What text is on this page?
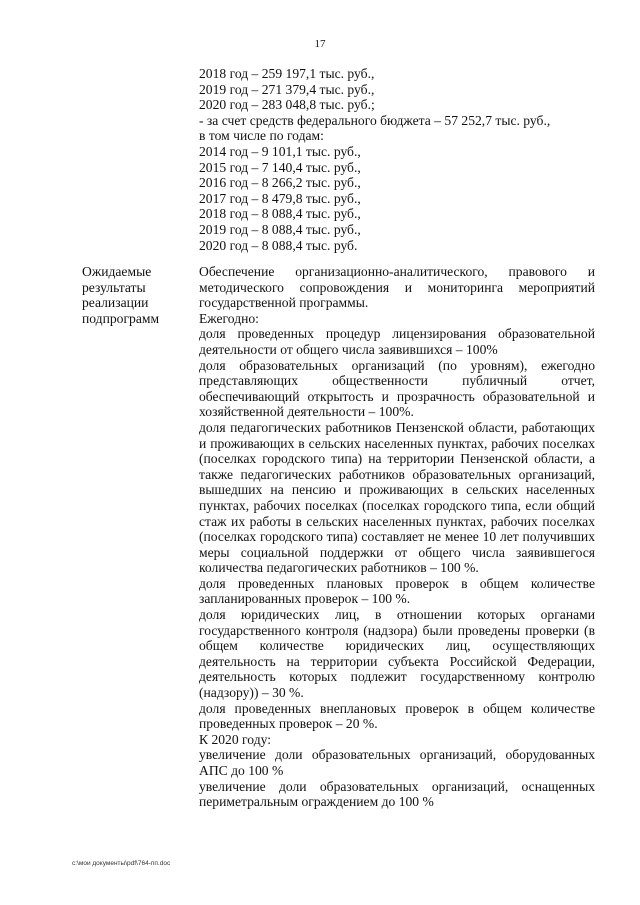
17
2018 год – 259 197,1 тыс. руб.,
2019 год – 271 379,4 тыс. руб.,
2020 год – 283 048,8 тыс. руб.;
- за счет средств федерального бюджета – 57 252,7 тыс. руб.,
в том числе по годам:
2014 год – 9 101,1 тыс. руб.,
2015 год – 7 140,4 тыс. руб.,
2016 год – 8 266,2 тыс. руб.,
2017 год – 8 479,8 тыс. руб.,
2018 год – 8 088,4 тыс. руб.,
2019 год – 8 088,4 тыс. руб.,
2020 год – 8 088,4 тыс. руб.
Ожидаемые
результаты
реализации
подпрограмм

Обеспечение организационно-аналитического, правового и методического сопровождения и мониторинга мероприятий государственной программы.

Ежегодно:

доля проведенных процедур лицензирования образовательной деятельности от общего числа заявившихся – 100%

доля образовательных организаций (по уровням), ежегодно представляющих общественности публичный отчет, обеспечивающий открытость и прозрачность образовательной и хозяйственной деятельности – 100%.

доля педагогических работников Пензенской области, работающих и проживающих в сельских населенных пунктах, рабочих поселках (поселках городского типа) на территории Пензенской области, а также педагогических работников образовательных организаций, вышедших на пенсию и проживающих в сельских населенных пунктах, рабочих поселках (поселках городского типа, если общий стаж их работы в сельских населенных пунктах, рабочих поселках (поселках городского типа) составляет не менее 10 лет получивших меры социальной поддержки от общего числа заявившегося количества педагогических работников – 100 %.

доля проведенных плановых проверок в общем количестве запланированных проверок – 100 %.

доля юридических лиц, в отношении которых органами государственного контроля (надзора) были проведены проверки (в общем количестве юридических лиц, осуществляющих деятельность на территории субъекта Российской Федерации, деятельность которых подлежит государственному контролю (надзору)) – 30 %.

доля проведенных внеплановых проверок в общем количестве проведенных проверок – 20 %.

К 2020 году:

увеличение доли образовательных организаций, оборудованных АПС до 100 %

увеличение доли образовательных организаций, оснащенных периметральным ограждением до 100 %

c:\мои документы\pdf\764-пп.doc
